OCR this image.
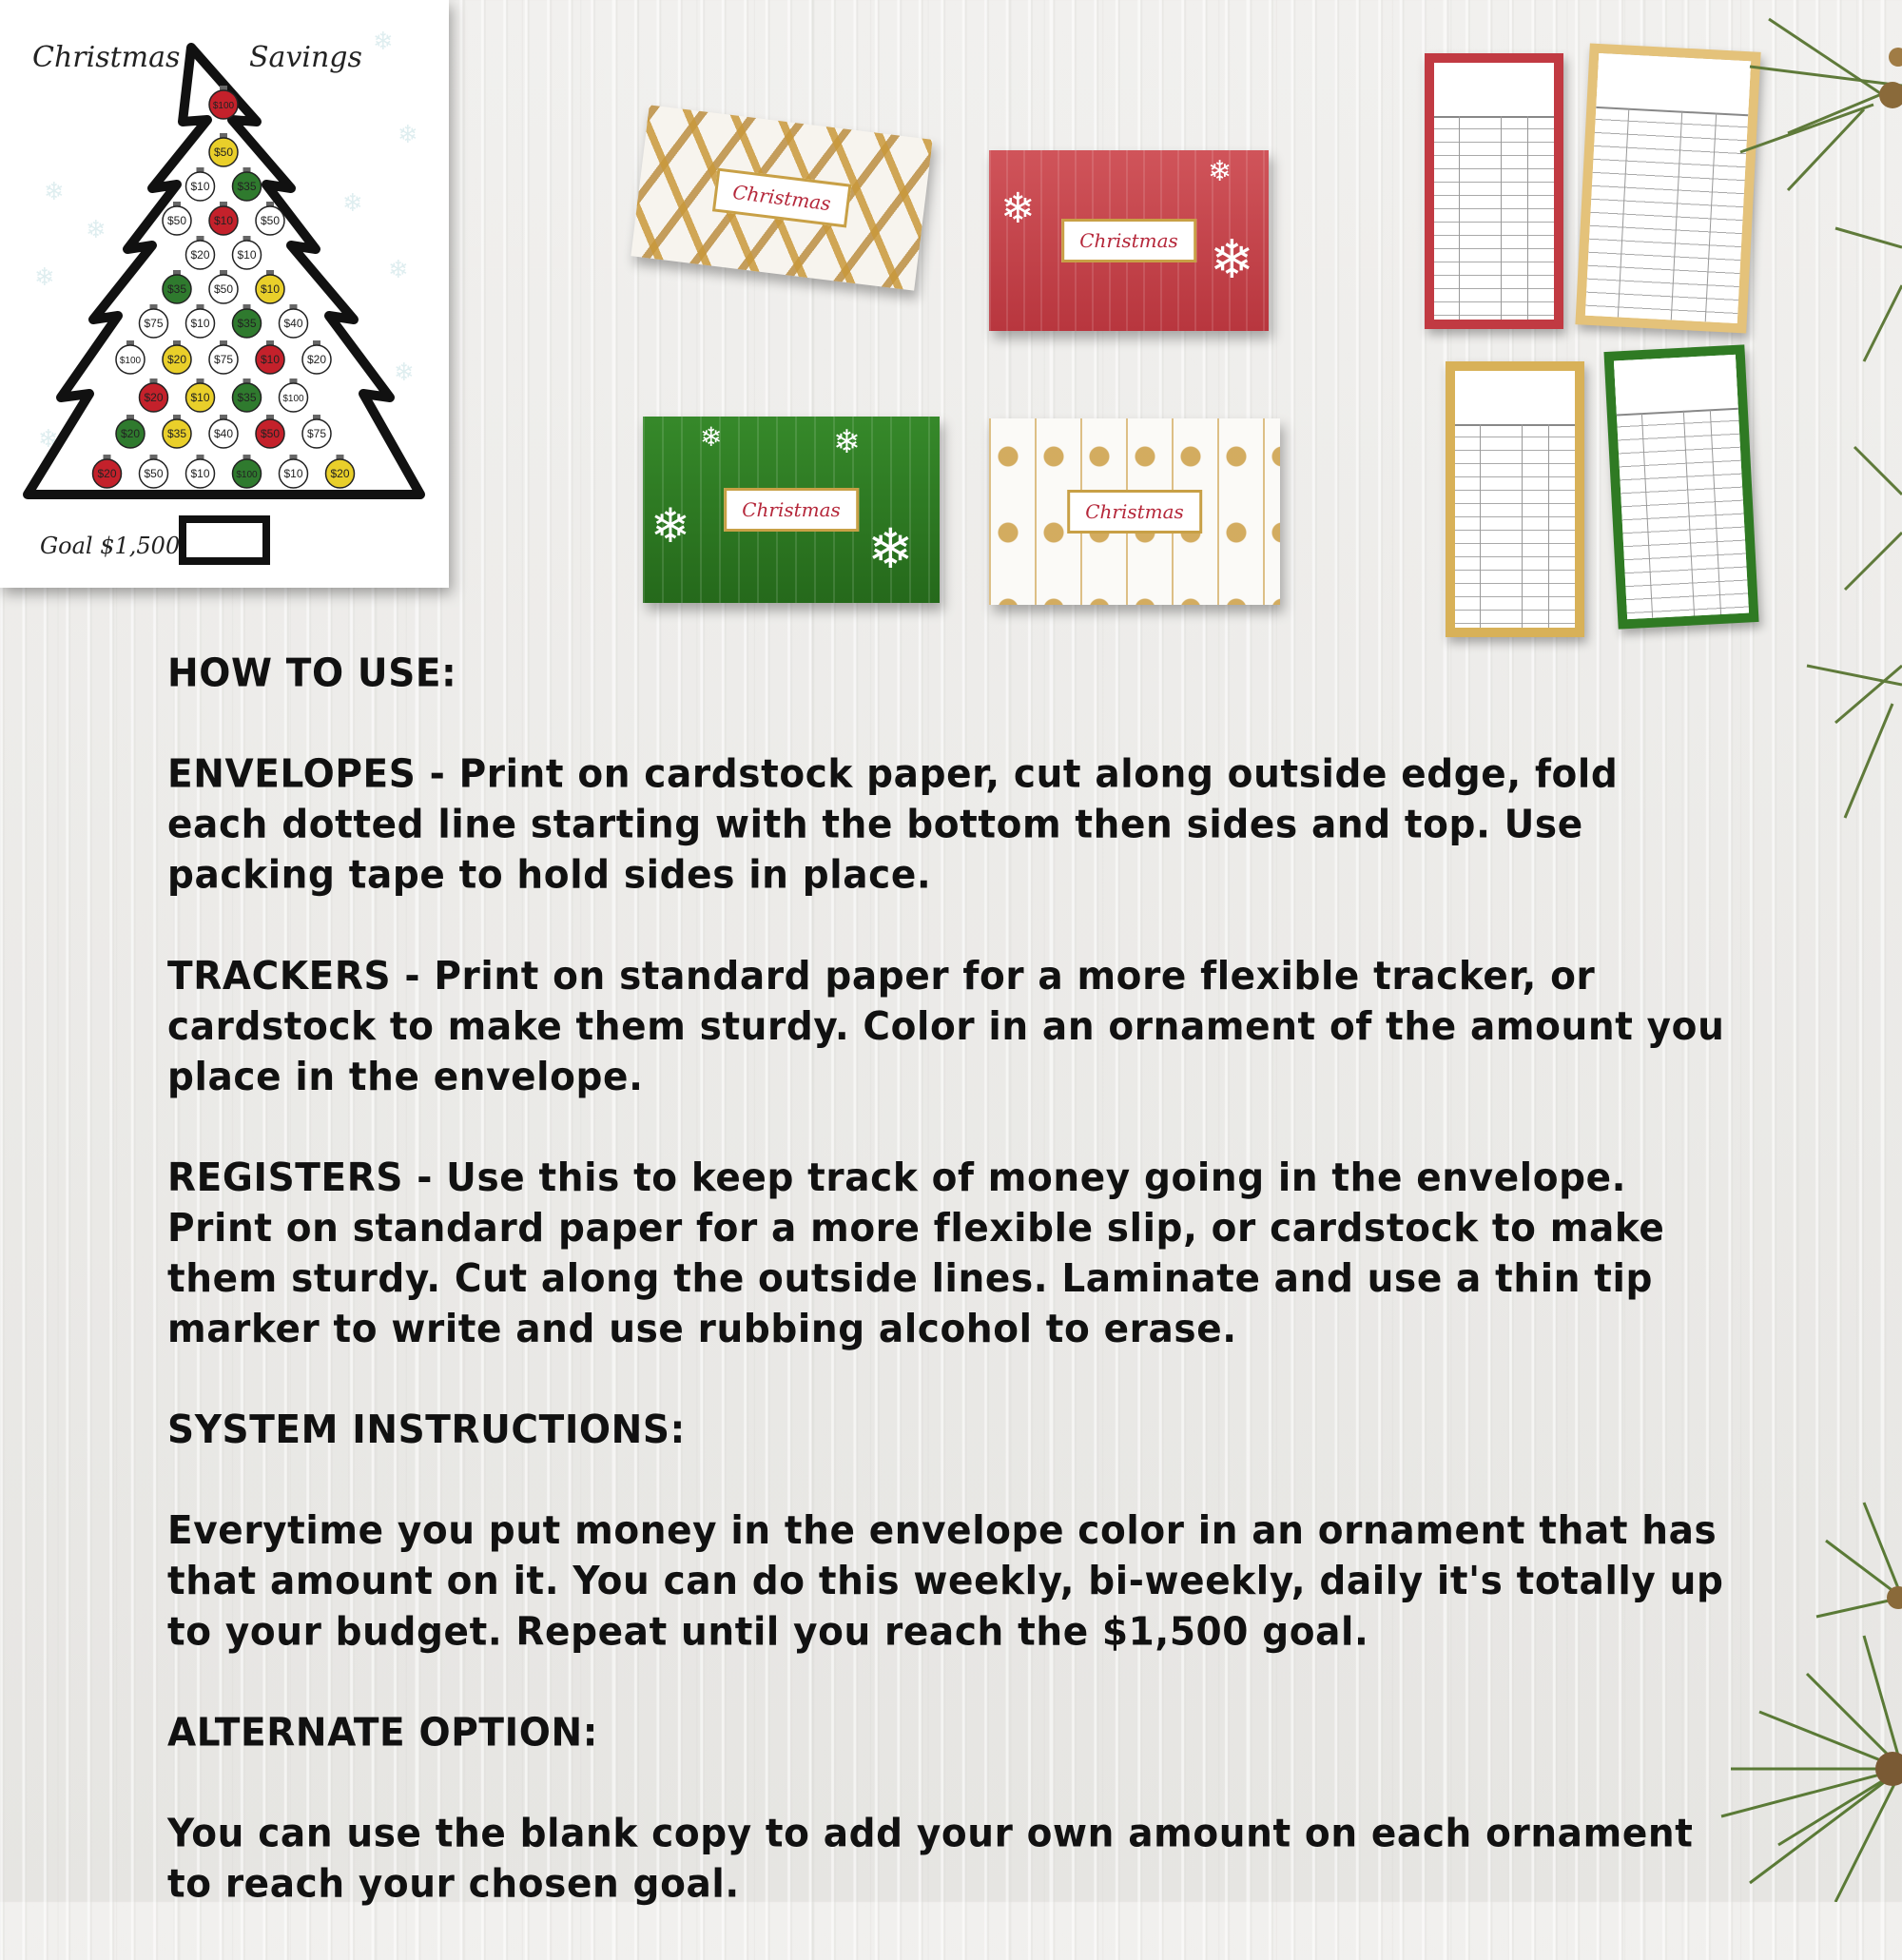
❄
❄
❄
❄
❄
❄
❄
❄
❄
Christmas Savings
Goal $1,500
$100
$50
$10 $35
$50 $10 $50
$20 $10
$35 $50 $10
$75 $10 $35 $40
$100 $20 $75 $10 $20
$20 $10 $35	$100
$20 $35 $40 $50 $75
$20 $50 $10	$100 $10 $20
Christmas	❄
❄
❄
Christmas
❄
❄
❄
❄
Christmas	Christmas

HOW TO USE:

ENVELOPES - Print on cardstock paper, cut along outside edge, fold each dotted line starting with the bottom then sides and top. Use packing tape to hold sides in place.

TRACKERS - Print on standard paper for a more flexible tracker, or cardstock to make them sturdy. Color in an ornament of the amount you place in the envelope.

REGISTERS - Use this to keep track of money going in the envelope. Print on standard paper for a more flexible slip, or cardstock to make them sturdy. Cut along the outside lines. Laminate and use a thin tip marker to write and use rubbing alcohol to erase.

SYSTEM INSTRUCTIONS:

Everytime you put money in the envelope color in an ornament that has that amount on it. You can do this weekly, bi-weekly, daily it's totally up to your budget. Repeat until you reach the $1,500 goal.

ALTERNATE OPTION:

You can use the blank copy to add your own amount on each ornament to reach your chosen goal.
